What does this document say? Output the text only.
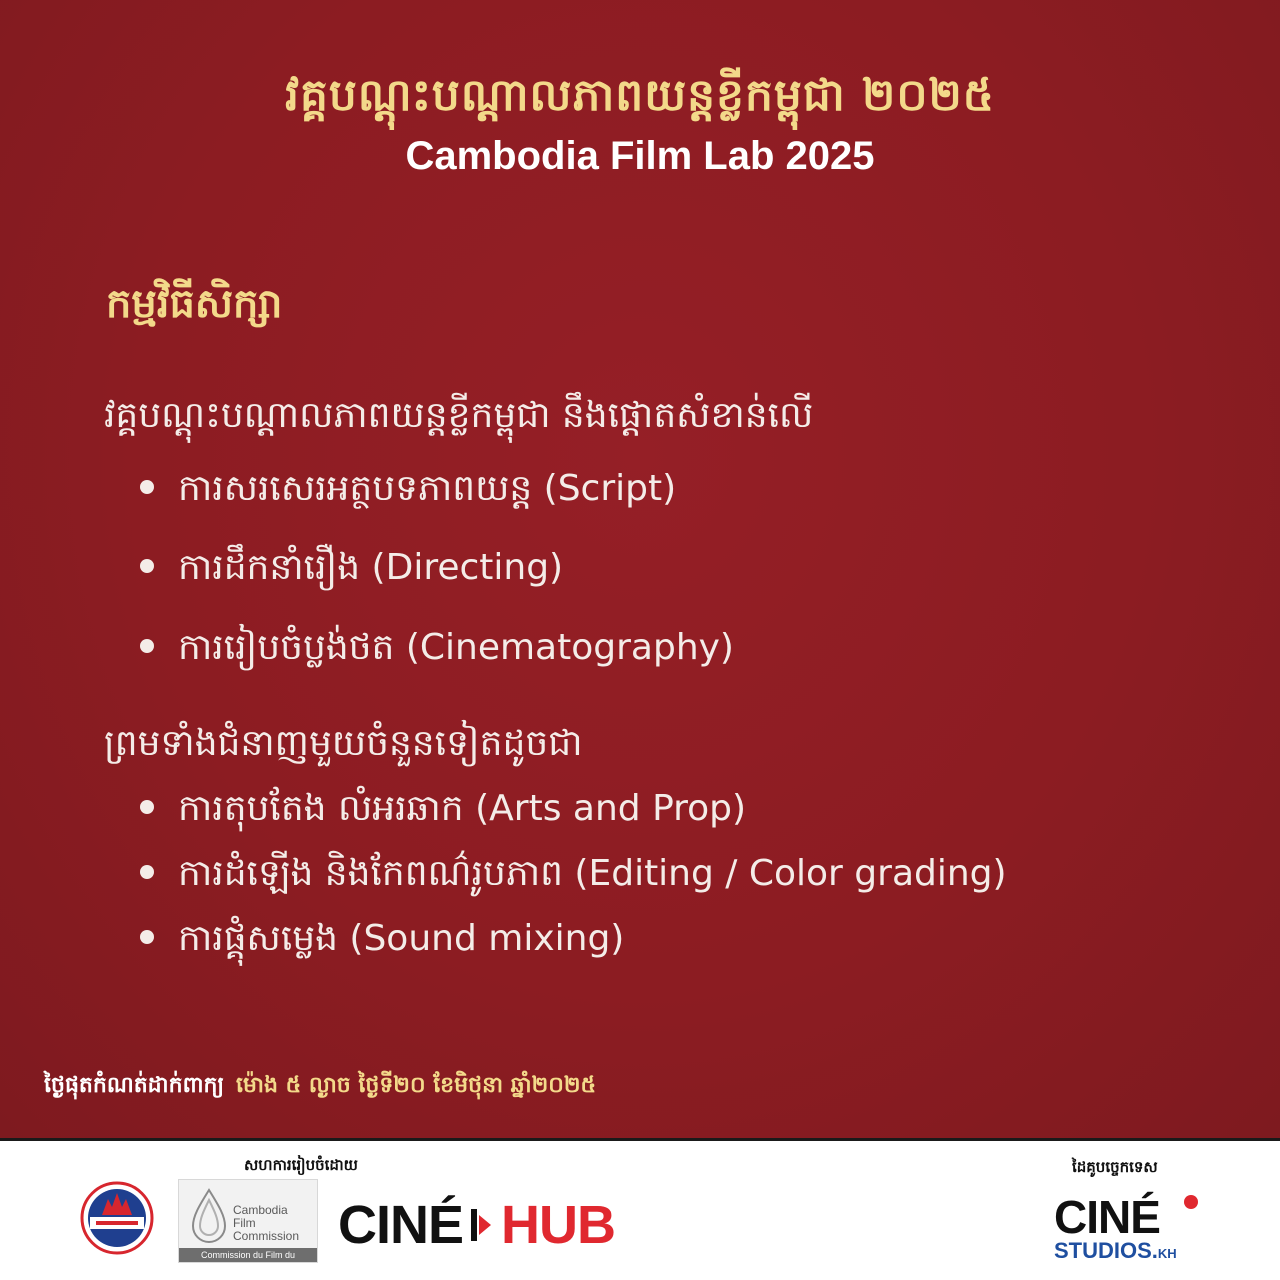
វគ្គបណ្តុះបណ្តាលភាពយន្តខ្លីកម្ពុជា ២០២៥
Cambodia Film Lab 2025
កម្មវិធីសិក្សា
វគ្គបណ្តុះបណ្តាលភាពយន្តខ្លីកម្ពុជា នឹងផ្តោតសំខាន់លើ
ការសរសេរអត្ថបទភាពយន្ត (Script)
ការដឹកនាំរឿង (Directing)
ការរៀបចំប្លង់ថត (Cinematography)
ព្រមទាំងជំនាញមួយចំនួនទៀតដូចជា
ការតុបតែង លំអរឆាក (Arts and Prop)
ការដំឡើង និងកែពណ៌រូបភាព (Editing / Color grading)
ការផ្គុំសម្លេង (Sound mixing)
ថ្ងៃផុតកំណត់ដាក់ពាក្យ ម៉ោង ៥ ល្ងាច ថ្ងៃទី២០ ខែមិថុនា ឆ្នាំ២០២៥
សហការរៀបចំដោយ	ដៃគូបច្ចេកទេស
Cambodia
Film
Commission
Commission du Film du Cambodge
CINÉ HUB	CINÉ
STUDIOS.KH
